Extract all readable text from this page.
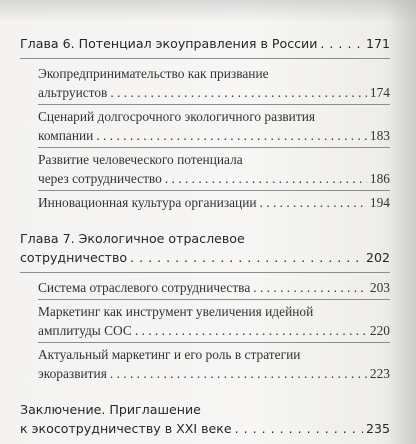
Глава 6. Потенциал экоуправления в России . . .	171
Экопредпринимательство как призвание
альтруистов . . .	174
Сценарий долгосрочного экологичного развития
компании . . .	183
Развитие человеческого потенциала
через сотрудничество . . .	186
Инновационная культура организации . . .	194
Глава 7. Экологичное отраслевое
сотрудничество . . .	202
Система отраслевого сотрудничества . . .	203
Маркетинг как инструмент увеличения идейной
амплитуды СОС . . .	220
Актуальный маркетинг и его роль в стратегии
экоразвития . . .	223
Заключение. Приглашение
к экосотрудничеству в XXI веке . . .	235
